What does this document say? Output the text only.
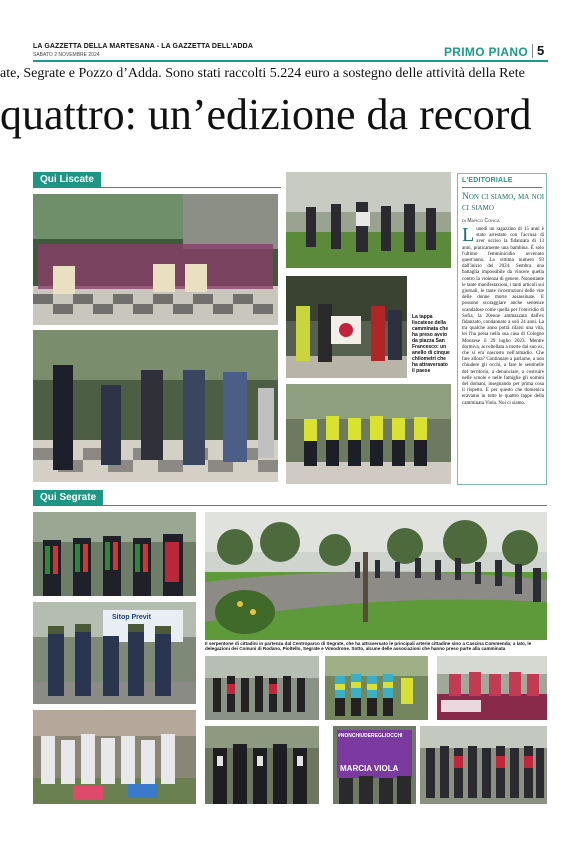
LA GAZZETTA DELLA MARTESANA - LA GAZZETTA DELL'ADDA
SABATO 2 NOVEMBRE 2024	PRIMO PIANO 5
ate, Segrate e Pozzo d’Adda. Sono stati raccolti 5.224 euro a sostegno delle attività della Rete
quattro: un’edizione da record
Qui Liscate
La tappa liscatese della camminata che ha preso avvio da piazza San Francesco: un anello di cinque chilometri che ha attraversato il paese
L'EDITORIALE
Non ci siamo, ma noi ci siamo
di Marco Conca
Lunedì un ragazzino di 15 anni è stato arrestato con l'accusa di aver ucciso la fidanzata di 13 anni, praticamente una bambina. È solo l'ultimo femminicidio avvenuto quest'anno. La vittima numero 93 dall'inizio del 2024. Sembra una battaglia impossibile da vincere quella contro la violenza di genere. Nonostante le tante manifestazioni, i tanti articoli sui giornali, le tante ricostruzioni delle vite delle donne morte assassinate. E possono scoraggiare anche sentenze scandalose come quella per l'omicidio di Sofia, la 20enne ammazzata dall'ex fidanzato, condannato a soli 24 anni. La tra qualche anno potrà rifarsi una vita, lei l'ha persa nella sua casa di Cologno Monzese il 29 luglio 2023. Mentre dormiva, accoltellata a morte dal suo ex, che si era nascosto nell'armadio. Che fare allora? Continuare a parlarne, a non chiudere gli occhi, a fare le sentinelle del territorio, a denunciare, a costruire nelle scuole e nelle famiglie gli uomini del domani, insegnando per prima cosa il rispetto. E per questo che domenica eravamo in tutte le quattro tappe della camminata Viola. Noi ci siamo.
Qui Segrate
Sitop Previt
Il serpentone di cittadini in partenza dal Centroparco di Segrate, che ha attraversato le principali arterie cittadine sino a Cascina Commenda; a lato, le delegazioni dei Comuni di Rodano, Pioltello, Segrate e Vimodrone. Sotto, alcune delle associazioni che hanno preso parte alla camminata
#NONCHIUDEREGLIOCCHI
MARCIA VIOLA
